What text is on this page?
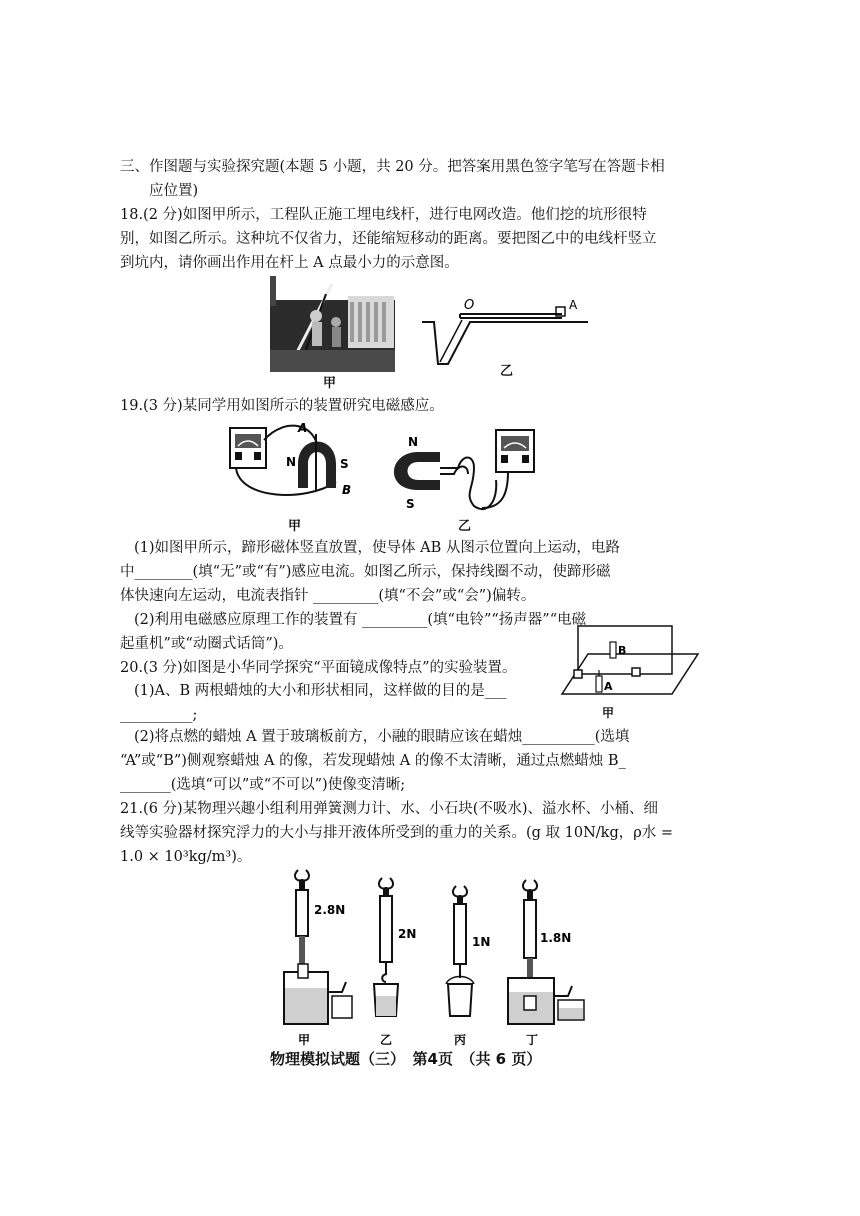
三、作图题与实验探究题(本题 5 小题，共 20 分。把答案用黑色签字笔写在答题卡相
应位置)
18.(2 分)如图甲所示，工程队正施工埋电线杆，进行电网改造。他们挖的坑形很特
别，如图乙所示。这种坑不仅省力，还能缩短移动的距离。要把图乙中的电线杆竖立
到坑内，请你画出作用在杆上 A 点最小力的示意图。
甲
O	A
乙
19.(3 分)某同学用如图所示的装置研究电磁感应。
A
B
N	S
甲
N
S
乙
(1)如图甲所示，蹄形磁体竖直放置，使导体 AB 从图示位置向上运动，电路
中________(填“无”或“有”)感应电流。如图乙所示，保持线圈不动，使蹄形磁
体快速向左运动，电流表指针 _________(填“不会”或“会”)偏转。
(2)利用电磁感应原理工作的装置有 _________(填“电铃”“扬声器”“电磁
起重机”或“动圈式话筒”)。
20.(3 分)如图是小华同学探究“平面镜成像特点”的实验装置。
(1)A、B 两根蜡烛的大小和形状相同，这样做的目的是___
__________;
B
A
甲
(2)将点燃的蜡烛 A 置于玻璃板前方，小融的眼睛应该在蜡烛__________(选填
“A”或“B”)侧观察蜡烛 A 的像，若发现蜡烛 A 的像不太清晰，通过点燃蜡烛 B_
_______(选填“可以”或“不可以”)使像变清晰;
21.(6 分)某物理兴趣小组利用弹簧测力计、水、小石块(不吸水)、溢水杯、小桶、细
线等实验器材探究浮力的大小与排开液体所受到的重力的关系。(g 取 10N/kg，ρ水 =
1.0 × 10³kg/m³)。
2.8N
甲
2N
乙
1N
丙
1.8N
丁
物理模拟试题（三）　第4页　（共 6 页）
